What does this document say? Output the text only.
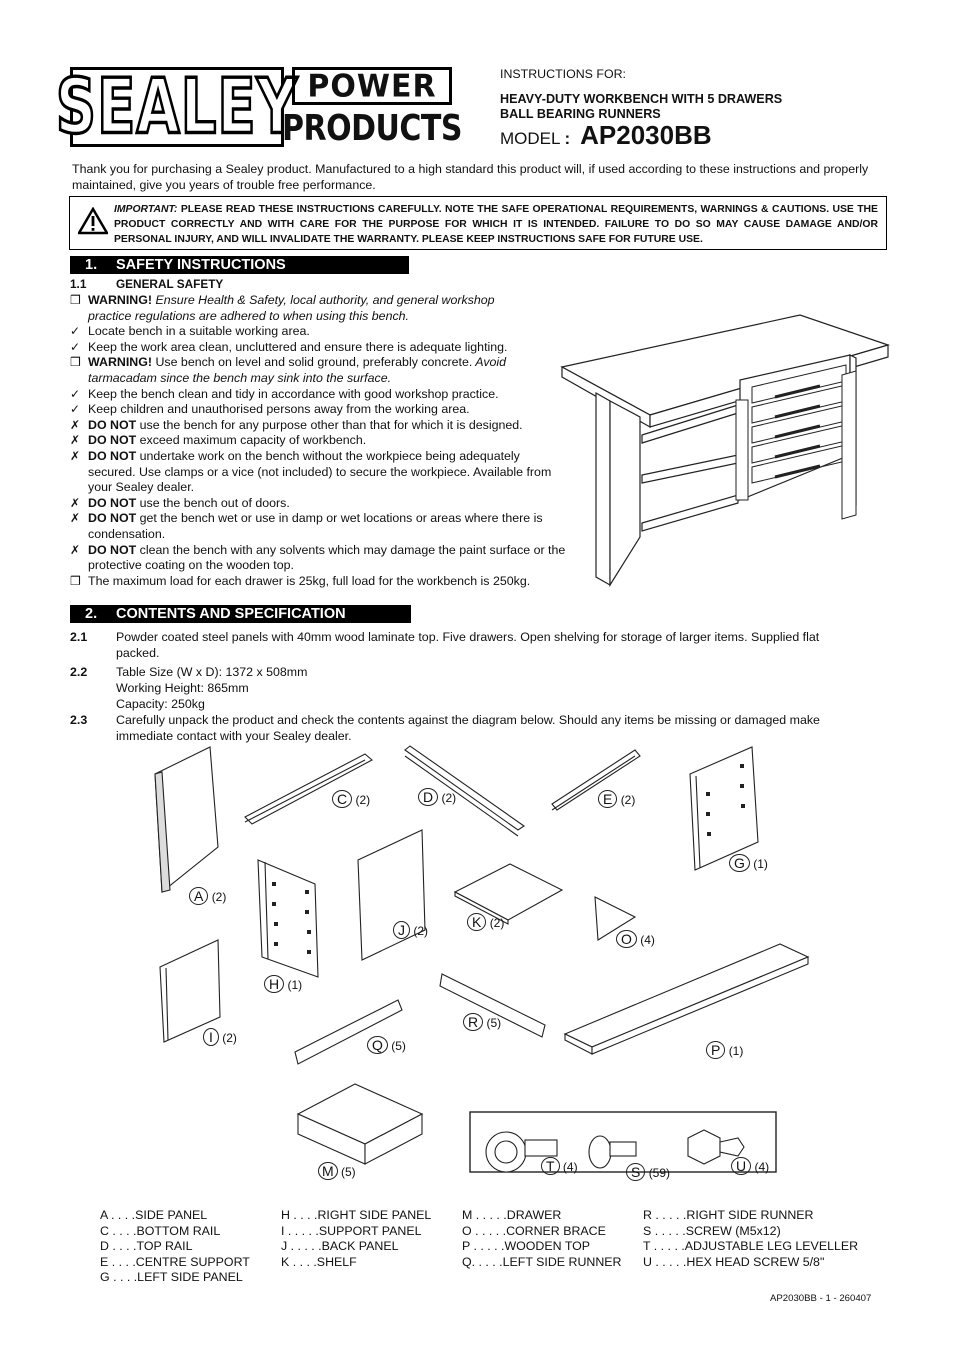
SEALEY POWER
PRODUCTS
INSTRUCTIONS FOR:
HEAVY-DUTY WORKBENCH WITH 5 DRAWERS
BALL BEARING RUNNERS
MODEL : AP2030BB
Thank you for purchasing a Sealey product. Manufactured to a high standard this product will, if used according to these instructions and properly maintained, give you years of trouble free performance.
IMPORTANT: PLEASE READ THESE INSTRUCTIONS CAREFULLY. NOTE THE SAFE OPERATIONAL REQUIREMENTS, WARNINGS & CAUTIONS. USE THE PRODUCT CORRECTLY AND WITH CARE FOR THE PURPOSE FOR WHICH IT IS INTENDED. FAILURE TO DO SO MAY CAUSE DAMAGE AND/OR PERSONAL INJURY, AND WILL INVALIDATE THE WARRANTY. PLEASE KEEP INSTRUCTIONS SAFE FOR FUTURE USE.
1. SAFETY INSTRUCTIONS
1.1	GENERAL SAFETY
❒ WARNING! Ensure Health & Safety, local authority, and general workshop practice regulations are adhered to when using this bench.
✓ Locate bench in a suitable working area.
✓ Keep the work area clean, uncluttered and ensure there is adequate lighting.
❒ WARNING! Use bench on level and solid ground, preferably concrete. Avoid tarmacadam since the bench may sink into the surface.
✓ Keep the bench clean and tidy in accordance with good workshop practice.
✓ Keep children and unauthorised persons away from the working area.
✗ DO NOT use the bench for any purpose other than that for which it is designed.
✗ DO NOT exceed maximum capacity of workbench.
✗ DO NOT undertake work on the bench without the workpiece being adequately secured. Use clamps or a vice (not included) to secure the workpiece. Available from your Sealey dealer.
✗ DO NOT use the bench out of doors.
✗ DO NOT get the bench wet or use in damp or wet locations or areas where there is condensation.
✗ DO NOT clean the bench with any solvents which may damage the paint surface or the protective coating on the wooden top.
❒ The maximum load for each drawer is 25kg, full load for the workbench is 250kg.
2. CONTENTS AND SPECIFICATION
2.1	Powder coated steel panels with 40mm wood laminate top. Five drawers. Open shelving for storage of larger items. Supplied flat packed.
2.2	Table Size (W x D): 1372 x 508mm
Working Height: 865mm
Capacity: 250kg
2.3	Carefully unpack the product and check the contents against the diagram below. Should any items be missing or damaged make immediate contact with your Sealey dealer.
A (2)
C (2)	D (2)	E (2)
G (1)
H (1)
I (2)
J (2)
K (2)
M (5)
O (4)
P (1)
Q (5)
R (5)
T (4)	S (59)	U (4)
A . . . .SIDE PANEL
C . . . .BOTTOM RAIL
D . . . .TOP RAIL
E . . . .CENTRE SUPPORT
G . . . .LEFT SIDE PANEL
H . . . .RIGHT SIDE PANEL
I . . . . .SUPPORT PANEL
J . . . . .BACK PANEL
K . . . .SHELF
M . . . . .DRAWER
O . . . . .CORNER BRACE
P . . . . .WOODEN TOP
Q. . . . .LEFT SIDE RUNNER
R . . . . .RIGHT SIDE RUNNER
S . . . . .SCREW (M5x12)
T . . . . .ADJUSTABLE LEG LEVELLER
U . . . . .HEX HEAD SCREW 5/8"
AP2030BB - 1 - 260407
